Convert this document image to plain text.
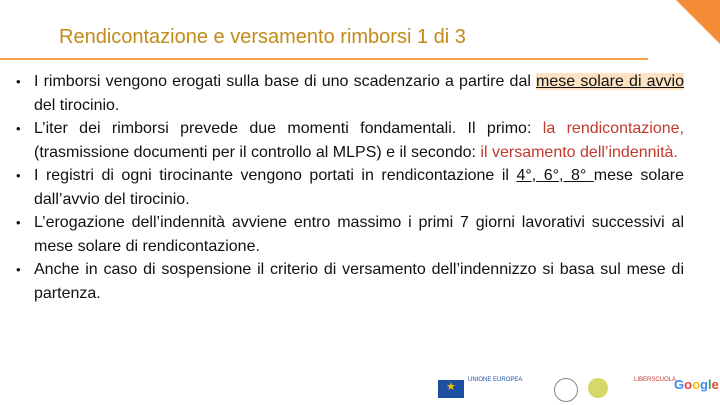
Rendicontazione e versamento rimborsi 1 di 3
• I rimborsi vengono erogati sulla base di uno scadenzario a partire dal mese solare di avvio del tirocinio.
• L’iter dei rimborsi prevede due momenti fondamentali. Il primo: la rendicontazione, (trasmissione documenti per il controllo al MLPS) e il secondo: il versamento dell’indennità.
• I registri di ogni tirocinante vengono portati in rendicontazione il 4°, 6°, 8° mese solare dall’avvio del tirocinio.
• L’erogazione dell’indennità avviene entro massimo i primi 7 giorni lavorativi successivi al mese solare di rendicontazione.
• Anche in caso di sospensione il criterio di versamento dell’indennizzo si basa sul mese di partenza.
★
UNIONE EUROPEA	LIBERSCUOLA
Google
